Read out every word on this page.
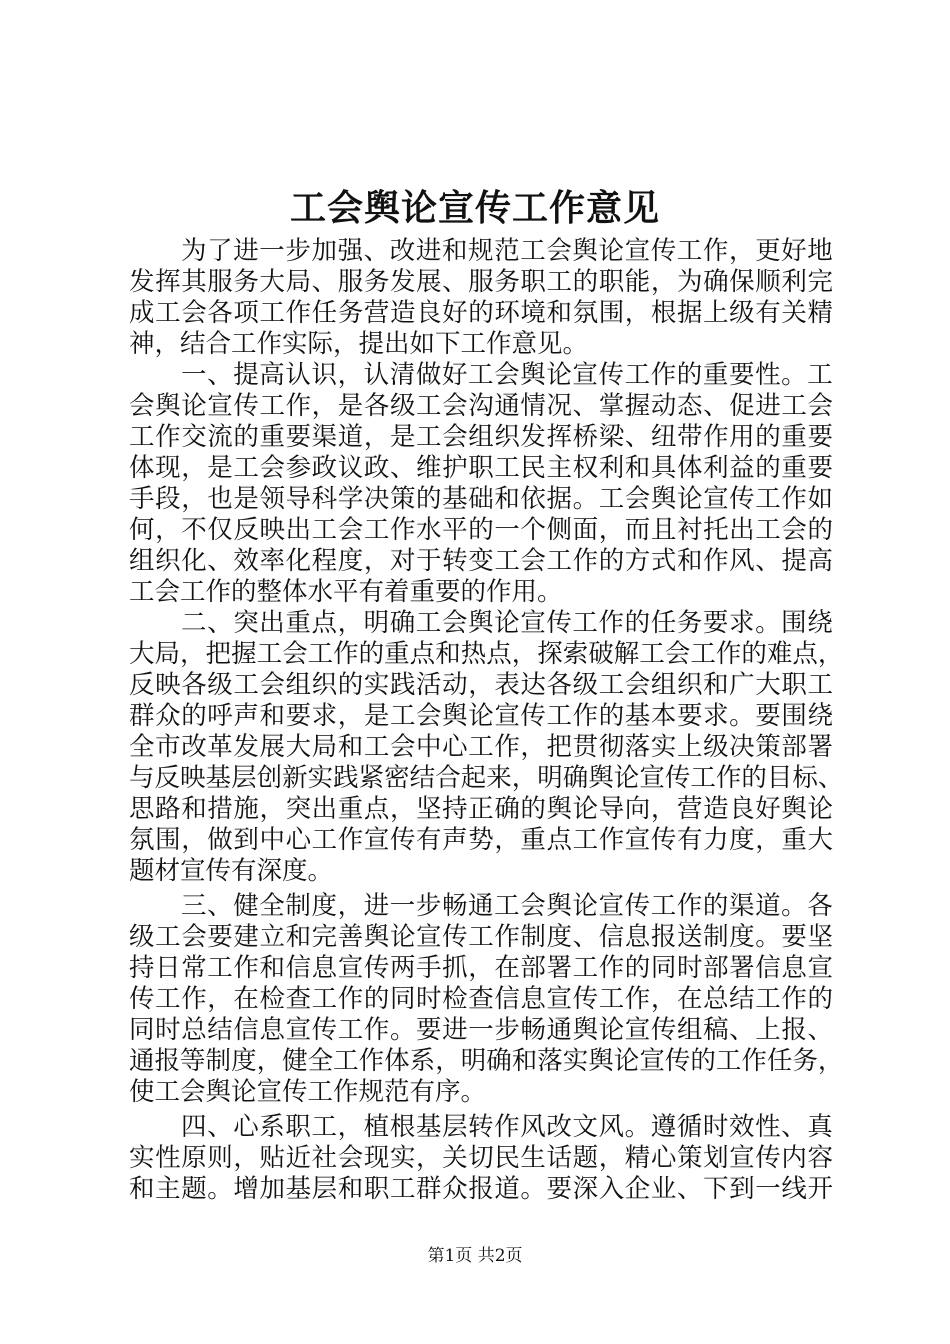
工会舆论宣传工作意见
为 了 进 一 步 加 强 、 改 进 和 规 范 工 会 舆 论 宣 传 工 作 ， 更 好 地
发 挥 其 服 务 大 局 、 服 务 发 展 、 服 务 职 工 的 职 能 ， 为 确 保 顺 利 完
成 工 会 各 项 工 作 任 务 营 造 良 好 的 环 境 和 氛 围 ， 根 据 上 级 有 关 精
神，结合工作实际，提出如下工作意见。
一 、 提 高 认 识 ， 认 清 做 好 工 会 舆 论 宣 传 工 作 的 重 要 性 。 工
会 舆 论 宣 传 工 作 ， 是 各 级 工 会 沟 通 情 况 、 掌 握 动 态 、 促 进 工 会
工 作 交 流 的 重 要 渠 道 ， 是 工 会 组 织 发 挥 桥 梁 、 纽 带 作 用 的 重 要
体 现 ， 是 工 会 参 政 议 政 、 维 护 职 工 民 主 权 利 和 具 体 利 益 的 重 要
手 段 ， 也 是 领 导 科 学 决 策 的 基 础 和 依 据 。 工 会 舆 论 宣 传 工 作 如
何 ， 不 仅 反 映 出 工 会 工 作 水 平 的 一 个 侧 面 ， 而 且 衬 托 出 工 会 的
组 织 化 、 效 率 化 程 度 ， 对 于 转 变 工 会 工 作 的 方 式 和 作 风 、 提 高
工会工作的整体水平有着重要的作用。
二 、 突 出 重 点 ， 明 确 工 会 舆 论 宣 传 工 作 的 任 务 要 求 。 围 绕
大 局 ， 把 握 工 会 工 作 的 重 点 和 热 点 ， 探 索 破 解 工 会 工 作 的 难 点 ，
反 映 各 级 工 会 组 织 的 实 践 活 动 ， 表 达 各 级 工 会 组 织 和 广 大 职 工
群 众 的 呼 声 和 要 求 ， 是 工 会 舆 论 宣 传 工 作 的 基 本 要 求 。 要 围 绕
全 市 改 革 发 展 大 局 和 工 会 中 心 工 作 ， 把 贯 彻 落 实 上 级 决 策 部 署
与 反 映 基 层 创 新 实 践 紧 密 结 合 起 来 ， 明 确 舆 论 宣 传 工 作 的 目 标 、
思 路 和 措 施 ， 突 出 重 点 ， 坚 持 正 确 的 舆 论 导 向 ， 营 造 良 好 舆 论
氛 围 ， 做 到 中 心 工 作 宣 传 有 声 势 ， 重 点 工 作 宣 传 有 力 度 ， 重 大
题材宣传有深度。
三 、 健 全 制 度 ， 进 一 步 畅 通 工 会 舆 论 宣 传 工 作 的 渠 道 。 各
级 工 会 要 建 立 和 完 善 舆 论 宣 传 工 作 制 度 、 信 息 报 送 制 度 。 要 坚
持 日 常 工 作 和 信 息 宣 传 两 手 抓 ， 在 部 署 工 作 的 同 时 部 署 信 息 宣
传 工 作 ， 在 检 查 工 作 的 同 时 检 查 信 息 宣 传 工 作 ， 在 总 结 工 作 的
同 时 总 结 信 息 宣 传 工 作 。 要 进 一 步 畅 通 舆 论 宣 传 组 稿 、 上 报 、
通 报 等 制 度 ， 健 全 工 作 体 系 ， 明 确 和 落 实 舆 论 宣 传 的 工 作 任 务 ，
使工会舆论宣传工作规范有序。
四 、 心 系 职 工 ， 植 根 基 层 转 作 风 改 文 风 。 遵 循 时 效 性 、 真
实 性 原 则 ， 贴 近 社 会 现 实 ， 关 切 民 生 话 题 ， 精 心 策 划 宣 传 内 容
和 主 题 。 增 加 基 层 和 职 工 群 众 报 道 。 要 深 入 企 业 、 下 到 一 线 开
第1页 共2页
